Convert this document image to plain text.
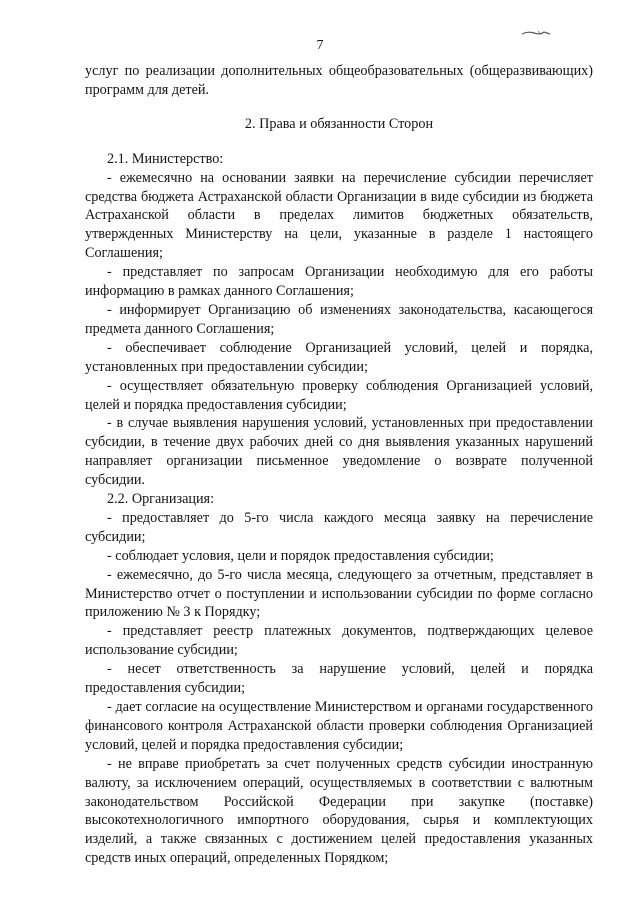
7

услуг по реализации дополнительных общеобразовательных (общеразвивающих) программ для детей.

2. Права и обязанности Сторон

2.1. Министерство:

- ежемесячно на основании заявки на перечисление субсидии перечисляет средства бюджета Астраханской области Организации в виде субсидии из бюджета Астраханской области в пределах лимитов бюджетных обязательств, утвержденных Министерству на цели, указанные в разделе 1 настоящего Соглашения;

- представляет по запросам Организации необходимую для его работы информацию в рамках данного Соглашения;

- информирует Организацию об изменениях законодательства, касающегося предмета данного Соглашения;

- обеспечивает соблюдение Организацией условий, целей и порядка, установленных при предоставлении субсидии;

- осуществляет обязательную проверку соблюдения Организацией условий, целей и порядка предоставления субсидии;

- в случае выявления нарушения условий, установленных при предоставлении субсидии, в течение двух рабочих дней со дня выявления указанных нарушений направляет организации письменное уведомление о возврате полученной субсидии.

2.2. Организация:

- предоставляет до 5-го числа каждого месяца заявку на перечисление субсидии;

- соблюдает условия, цели и порядок предоставления субсидии;

- ежемесячно, до 5-го числа месяца, следующего за отчетным, представляет в Министерство отчет о поступлении и использовании субсидии по форме согласно приложению № 3 к Порядку;

- представляет реестр платежных документов, подтверждающих целевое использование субсидии;

- несет ответственность за нарушение условий, целей и порядка предоставления субсидии;

- дает согласие на осуществление Министерством и органами государственного финансового контроля Астраханской области проверки соблюдения Организацией условий, целей и порядка предоставления субсидии;

- не вправе приобретать за счет полученных средств субсидии иностранную валюту, за исключением операций, осуществляемых в соответствии с валютным законодательством Российской Федерации при закупке (поставке) высокотехнологичного импортного оборудования, сырья и комплектующих изделий, а также связанных с достижением целей предоставления указанных средств иных операций, определенных Порядком;
